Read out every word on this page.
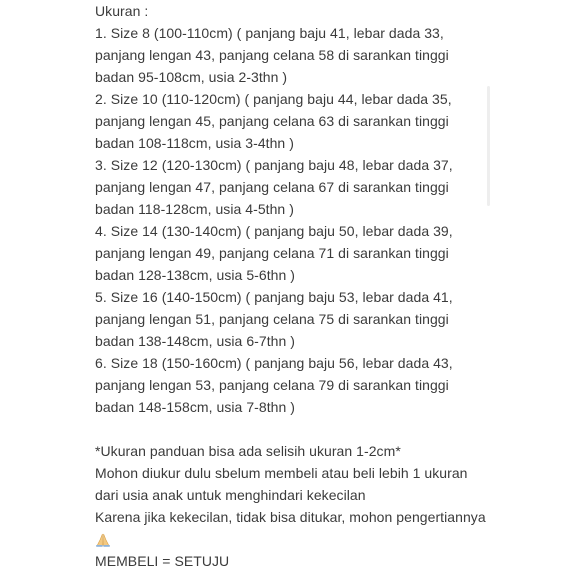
Ukuran :
1. Size 8 (100-110cm) ( panjang baju 41, lebar dada 33,
panjang lengan 43, panjang celana 58 di sarankan tinggi
badan 95-108cm, usia 2-3thn )
2. Size 10 (110-120cm) ( panjang baju 44, lebar dada 35,
panjang lengan 45, panjang celana 63 di sarankan tinggi
badan 108-118cm, usia 3-4thn )
3. Size 12 (120-130cm) ( panjang baju 48, lebar dada 37,
panjang lengan 47, panjang celana 67 di sarankan tinggi
badan 118-128cm, usia 4-5thn )
4. Size 14 (130-140cm) ( panjang baju 50, lebar dada 39,
panjang lengan 49, panjang celana 71 di sarankan tinggi
badan 128-138cm, usia 5-6thn )
5. Size 16 (140-150cm) ( panjang baju 53, lebar dada 41,
panjang lengan 51, panjang celana 75 di sarankan tinggi
badan 138-148cm, usia 6-7thn )
6. Size 18 (150-160cm) ( panjang baju 56, lebar dada 43,
panjang lengan 53, panjang celana 79 di sarankan tinggi
badan 148-158cm, usia 7-8thn )
*Ukuran panduan bisa ada selisih ukuran 1-2cm*
Mohon diukur dulu sbelum membeli atau beli lebih 1 ukuran
dari usia anak untuk menghindari kekecilan
Karena jika kekecilan, tidak bisa ditukar, mohon pengertiannya
MEMBELI = SETUJU
